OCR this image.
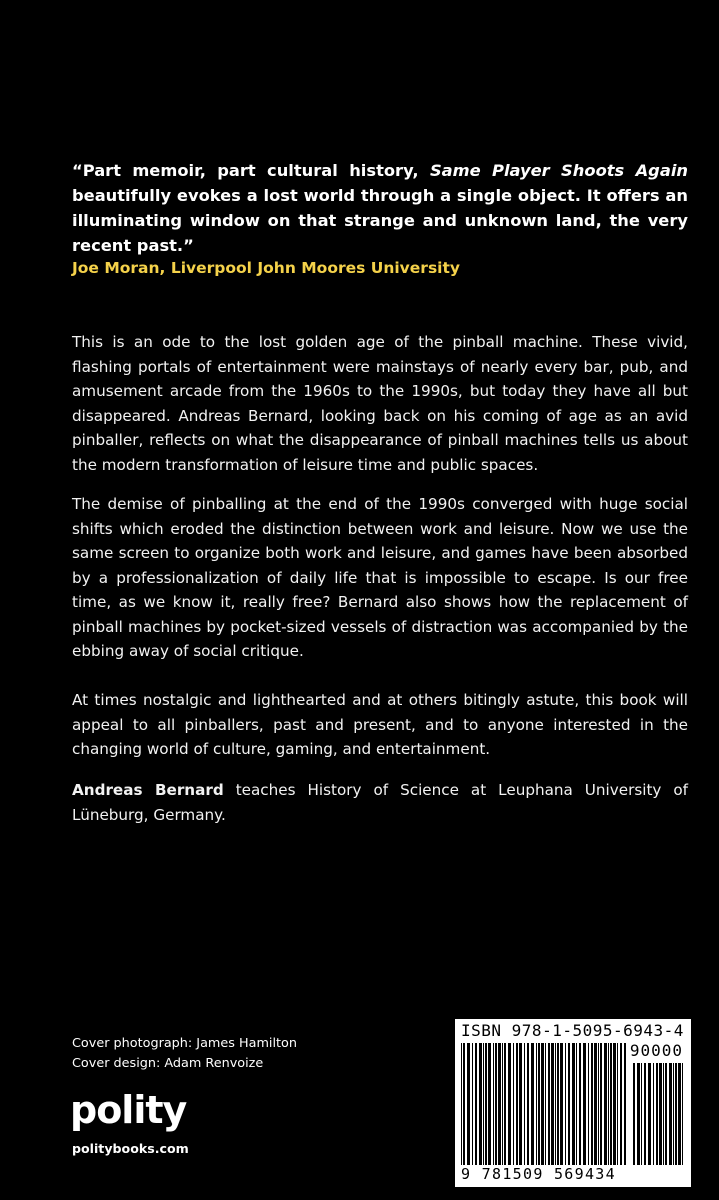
“Part memoir, part cultural history, Same Player Shoots Again beautifully evokes a lost world through a single object. It offers an illuminating window on that strange and unknown land, the very recent past.”

Joe Moran, Liverpool John Moores University

This is an ode to the lost golden age of the pinball machine. These vivid, flashing portals of entertainment were mainstays of nearly every bar, pub, and amusement arcade from the 1960s to the 1990s, but today they have all but disappeared. Andreas Bernard, looking back on his coming of age as an avid pinballer, reflects on what the disappearance of pinball machines tells us about the modern transformation of leisure time and public spaces.

The demise of pinballing at the end of the 1990s converged with huge social shifts which eroded the distinction between work and leisure. Now we use the same screen to organize both work and leisure, and games have been absorbed by a professionalization of daily life that is impossible to escape. Is our free time, as we know it, really free? Bernard also shows how the replacement of pinball machines by pocket-sized vessels of distraction was accompanied by the ebbing away of social critique.

At times nostalgic and lighthearted and at others bitingly astute, this book will appeal to all pinballers, past and present, and to anyone interested in the changing world of culture, gaming, and entertainment.

Andreas Bernard teaches History of Science at Leuphana University of Lüneburg, Germany.

Cover photograph: James Hamilton
Cover design: Adam Renvoize
polity
politybooks.com
ISBN 978-1-5095-6943-4
90000
9 781509 569434
